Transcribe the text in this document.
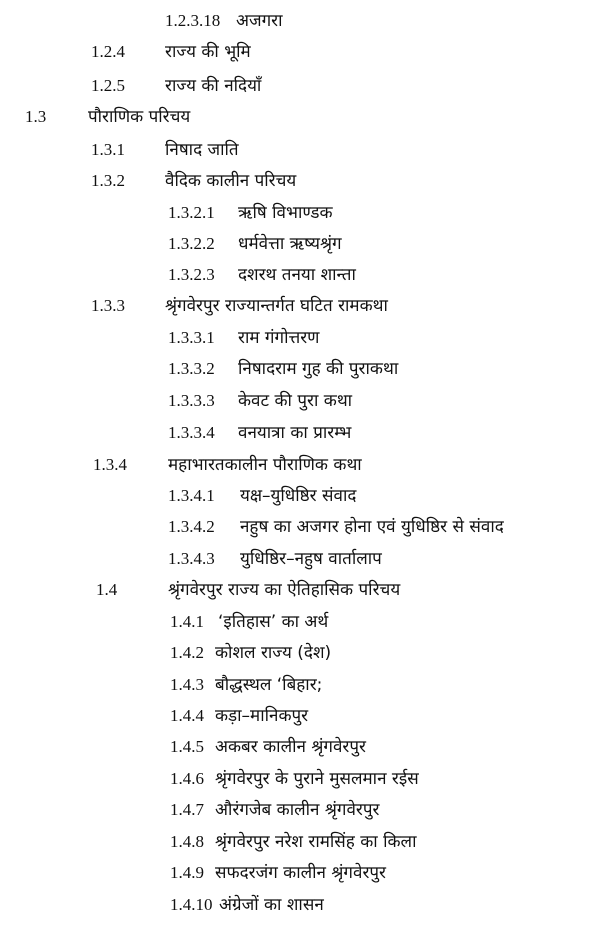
1.2.3.18 अजगरा
1.2.4 राज्य की भूमि
1.2.5 राज्य की नदियाँ
1.3 पौराणिक परिचय
1.3.1 निषाद जाति
1.3.2 वैदिक कालीन परिचय
1.3.2.1 ऋषि विभाण्डक
1.3.2.2 धर्मवेत्ता ऋष्यश्रृंग
1.3.2.3 दशरथ तनया शान्ता
1.3.3 श्रृंगवेरपुर राज्यान्तर्गत घटित रामकथा
1.3.3.1 राम गंगोत्तरण
1.3.3.2 निषादराम गुह की पुराकथा
1.3.3.3 केवट की पुरा कथा
1.3.3.4 वनयात्रा का प्रारम्भ
1.3.4 महाभारतकालीन पौराणिक कथा
1.3.4.1 यक्ष–युधिष्ठिर संवाद
1.3.4.2 नहुष का अजगर होना एवं युधिष्ठिर से संवाद
1.3.4.3 युधिष्ठिर–नहुष वार्तालाप
1.4	श्रृंगवेरपुर राज्य का ऐतिहासिक परिचय
1.4.1 ‘इतिहास’ का अर्थ
1.4.2 कोशल राज्य (देश)
1.4.3 बौद्धस्थल ‘बिहार;
1.4.4 कड़ा–मानिकपुर
1.4.5 अकबर कालीन श्रृंगवेरपुर
1.4.6 श्रृंगवेरपुर के पुराने मुसलमान रईस
1.4.7 औरंगजेब कालीन श्रृंगवेरपुर
1.4.8 श्रृंगवेरपुर नरेश रामसिंह का किला
1.4.9 सफदरजंग कालीन श्रृंगवेरपुर
1.4.10 अंग्रेजों का शासन
